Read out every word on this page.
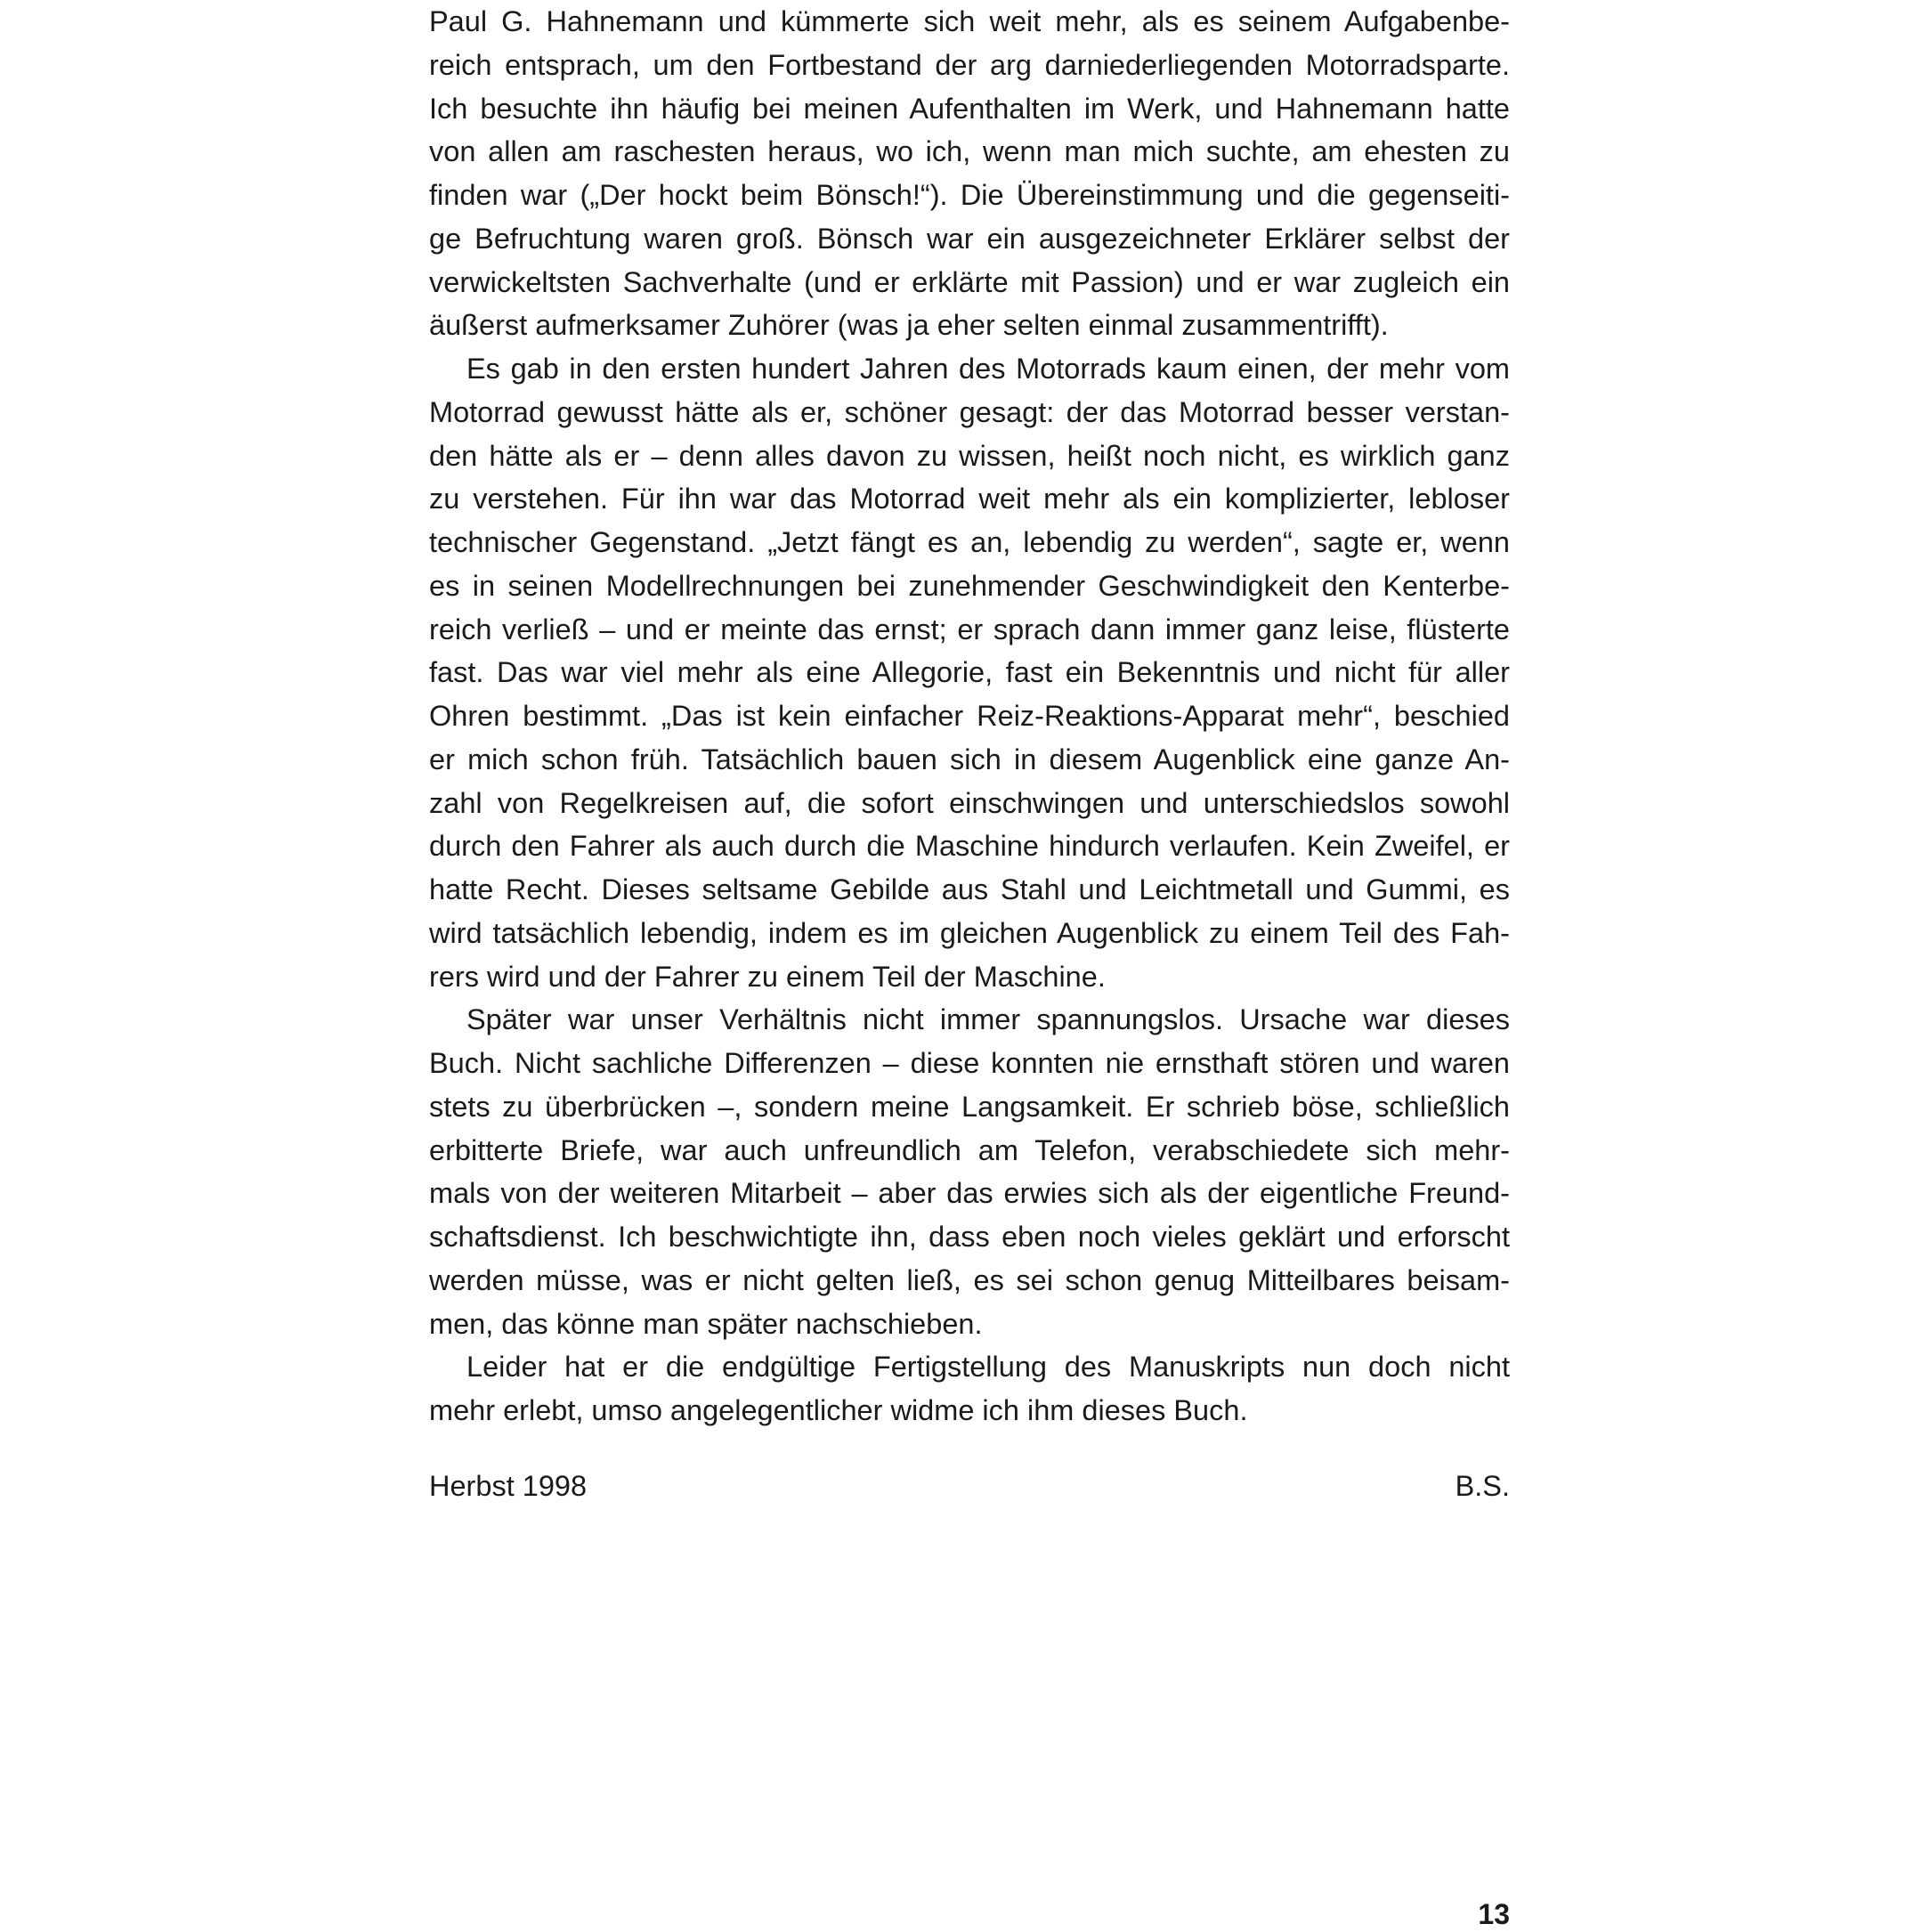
Paul G. Hahnemann und kümmerte sich weit mehr, als es seinem Aufgabenbe-
reich entsprach, um den Fortbestand der arg darniederliegenden Motorradsparte.
Ich besuchte ihn häufig bei meinen Aufenthalten im Werk, und Hahnemann hatte
von allen am raschesten heraus, wo ich, wenn man mich suchte, am ehesten zu
finden war („Der hockt beim Bönsch!“). Die Übereinstimmung und die gegenseiti-
ge Befruchtung waren groß. Bönsch war ein ausgezeichneter Erklärer selbst der
verwickeltsten Sachverhalte (und er erklärte mit Passion) und er war zugleich ein
äußerst aufmerksamer Zuhörer (was ja eher selten einmal zusammentrifft).
Es gab in den ersten hundert Jahren des Motorrads kaum einen, der mehr vom
Motorrad gewusst hätte als er, schöner gesagt: der das Motorrad besser verstan-
den hätte als er – denn alles davon zu wissen, heißt noch nicht, es wirklich ganz
zu verstehen. Für ihn war das Motorrad weit mehr als ein komplizierter, lebloser
technischer Gegenstand. „Jetzt fängt es an, lebendig zu werden“, sagte er, wenn
es in seinen Modellrechnungen bei zunehmender Geschwindigkeit den Kenterbe-
reich verließ – und er meinte das ernst; er sprach dann immer ganz leise, flüsterte
fast. Das war viel mehr als eine Allegorie, fast ein Bekenntnis und nicht für aller
Ohren bestimmt. „Das ist kein einfacher Reiz-Reaktions-Apparat mehr“, beschied
er mich schon früh. Tatsächlich bauen sich in diesem Augenblick eine ganze An-
zahl von Regelkreisen auf, die sofort einschwingen und unterschiedslos sowohl
durch den Fahrer als auch durch die Maschine hindurch verlaufen. Kein Zweifel, er
hatte Recht. Dieses seltsame Gebilde aus Stahl und Leichtmetall und Gummi, es
wird tatsächlich lebendig, indem es im gleichen Augenblick zu einem Teil des Fah-
rers wird und der Fahrer zu einem Teil der Maschine.
Später war unser Verhältnis nicht immer spannungslos. Ursache war dieses
Buch. Nicht sachliche Differenzen – diese konnten nie ernsthaft stören und waren
stets zu überbrücken –, sondern meine Langsamkeit. Er schrieb böse, schließlich
erbitterte Briefe, war auch unfreundlich am Telefon, verabschiedete sich mehr-
mals von der weiteren Mitarbeit – aber das erwies sich als der eigentliche Freund-
schaftsdienst. Ich beschwichtigte ihn, dass eben noch vieles geklärt und erforscht
werden müsse, was er nicht gelten ließ, es sei schon genug Mitteilbares beisam-
men, das könne man später nachschieben.
Leider hat er die endgültige Fertigstellung des Manuskripts nun doch nicht
mehr erlebt, umso angelegentlicher widme ich ihm dieses Buch.
Herbst 1998	B.S.
13
